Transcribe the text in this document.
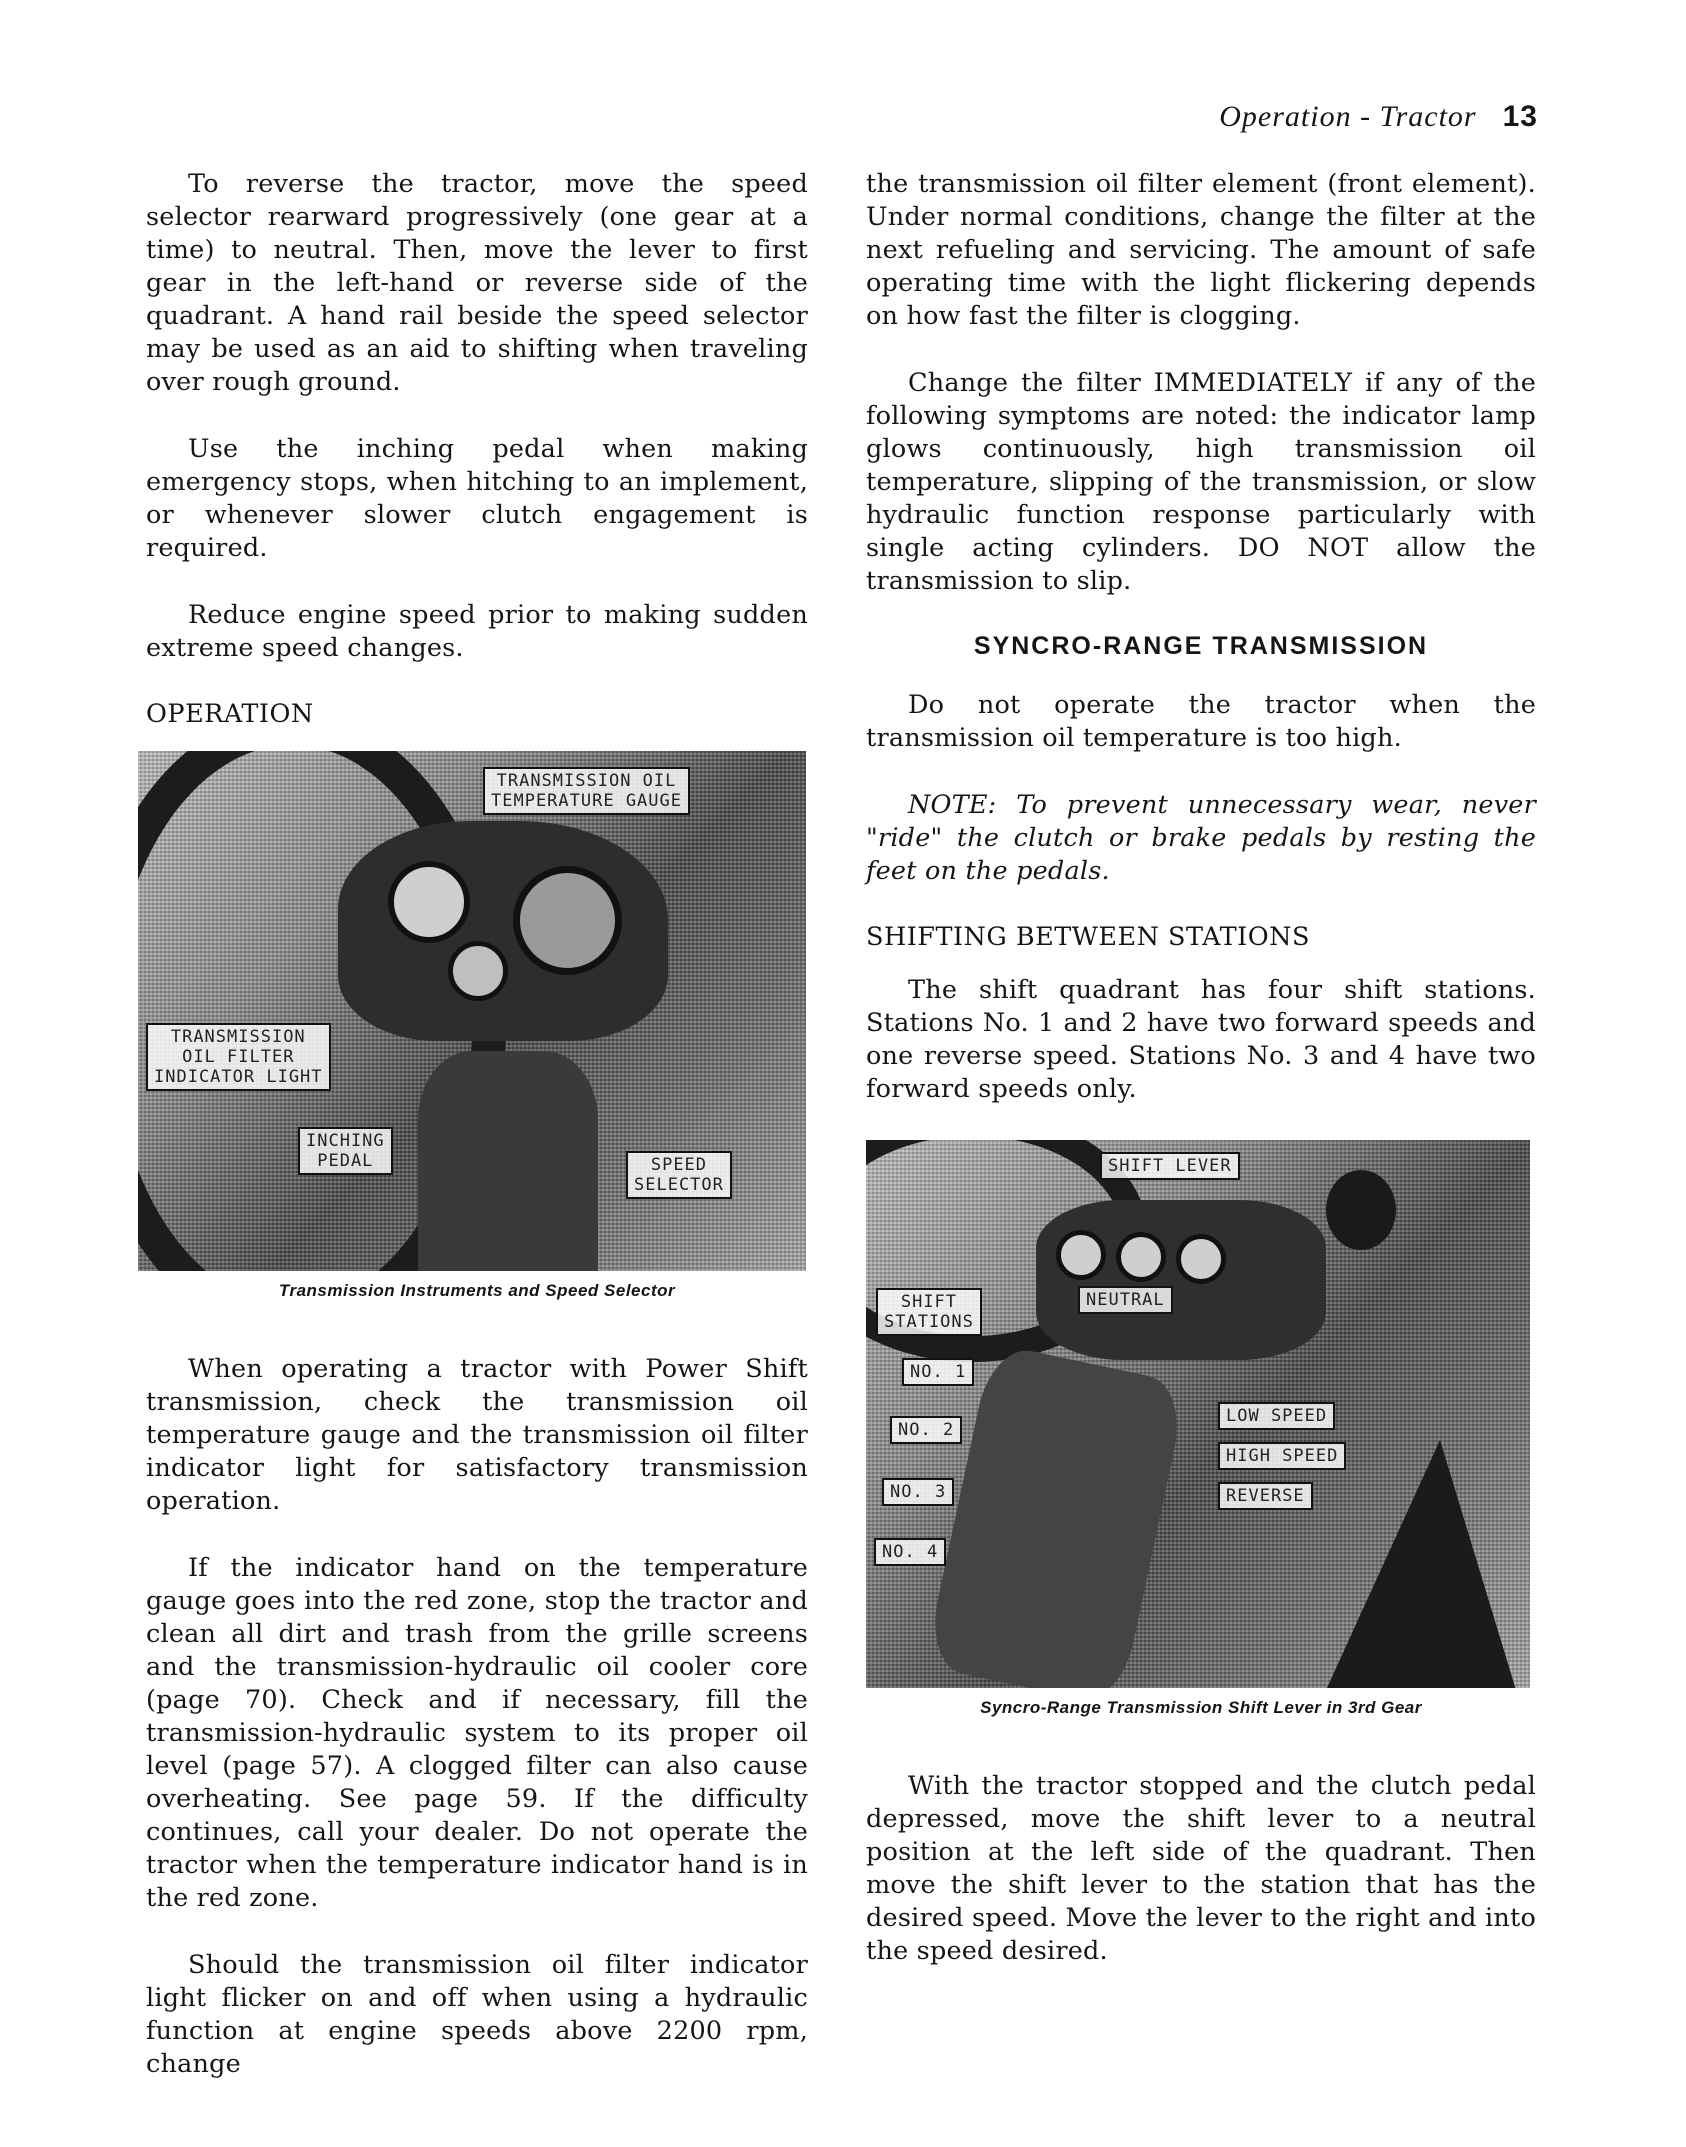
Operation - Tractor 13

To reverse the tractor, move the speed selector rearward progressively (one gear at a time) to neutral. Then, move the lever to first gear in the left-hand or reverse side of the quadrant. A hand rail beside the speed selector may be used as an aid to shifting when traveling over rough ground.

Use the inching pedal when making emergency stops, when hitching to an implement, or whenever slower clutch engagement is required.

Reduce engine speed prior to making sudden extreme speed changes.

OPERATION
TRANSMISSION OIL
TEMPERATURE GAUGE
TRANSMISSION
OIL FILTER
INDICATOR LIGHT
INCHING
PEDAL	SPEED
SELECTOR
Transmission Instruments and Speed Selector

When operating a tractor with Power Shift transmission, check the transmission oil temperature gauge and the transmission oil filter indicator light for satisfactory transmission operation.

If the indicator hand on the temperature gauge goes into the red zone, stop the tractor and clean all dirt and trash from the grille screens and the transmission-hydraulic oil cooler core (page 70). Check and if necessary, fill the transmission-hydraulic system to its proper oil level (page 57). A clogged filter can also cause overheating. See page 59. If the difficulty continues, call your dealer. Do not operate the tractor when the temperature indicator hand is in the red zone.

Should the transmission oil filter indicator light flicker on and off when using a hydraulic function at engine speeds above 2200 rpm, change

the transmission oil filter element (front element). Under normal conditions, change the filter at the next refueling and servicing. The amount of safe operating time with the light flickering depends on how fast the filter is clogging.

Change the filter IMMEDIATELY if any of the following symptoms are noted: the indicator lamp glows continuously, high transmission oil temperature, slipping of the transmission, or slow hydraulic function response particularly with single acting cylinders. DO NOT allow the transmission to slip.

SYNCRO-RANGE TRANSMISSION

Do not operate the tractor when the transmission oil temperature is too high.

NOTE: To prevent unnecessary wear, never "ride" the clutch or brake pedals by resting the feet on the pedals.

SHIFTING BETWEEN STATIONS

The shift quadrant has four shift stations. Stations No. 1 and 2 have two forward speeds and one reverse speed. Stations No. 3 and 4 have two forward speeds only.

SHIFT LEVER
SHIFT
STATIONS
NEUTRAL
NO. 1
NO. 2
NO. 3
NO. 4
LOW SPEED
HIGH SPEED
REVERSE
Syncro-Range Transmission Shift Lever in 3rd Gear

With the tractor stopped and the clutch pedal depressed, move the shift lever to a neutral position at the left side of the quadrant. Then move the shift lever to the station that has the desired speed. Move the lever to the right and into the speed desired.
